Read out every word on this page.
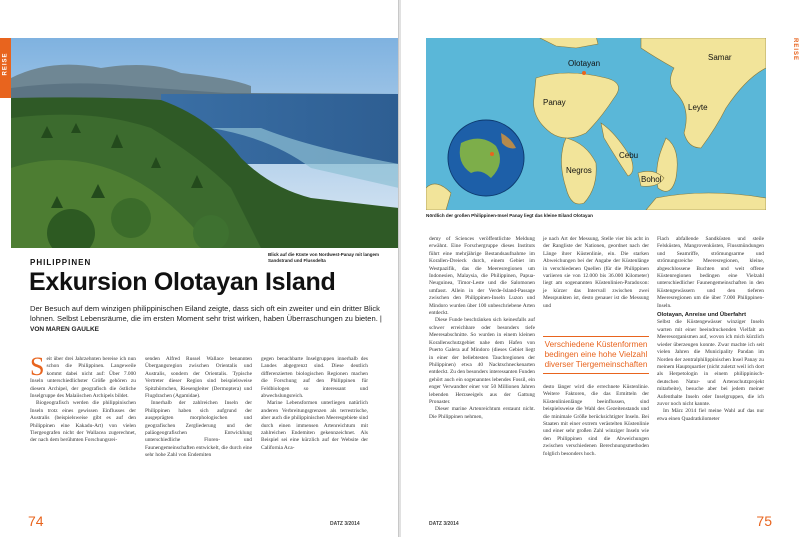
REISE
Blick auf die Küste von Nordwest-Panay mit langem Sandstrand und Flussdelta
PHILIPPINEN
Exkursion Olotayan Island
Der Besuch auf dem winzigen philippinischen Eiland zeigte, dass sich oft ein zweiter und ein dritter Blick lohnen. Selbst Lebensräume, die im ersten Moment sehr trist wirken, haben Überraschungen zu bieten. | VON MAREN GAULKE
S eit über drei Jahrzehnten bereise ich nun schon die Philippinen. Langeweile kommt dabei nicht auf: Über 7.000 Inseln unterschiedlichster Größe gehören zu diesem Archipel, der geografisch die östliche Inselgruppe des Malaiischen Archipels bildet.

Biogeografisch werden die philippinischen Inseln trotz eines gewissen Einflusses der Australis (beispielsweise gibt es auf den Philippinen eine Kakadu-Art) von vielen Tiergeografen nicht der Wallacea zugerechnet, der nach dem berühmten Forschungsrei-

senden Alfred Russel Wallace benannten Übergangsregion zwischen Orientalis und Australis, sondern der Orientalis. Typische Vertreter dieser Region sind beispielsweise Spitzhörnchen, Riesengleiter (Dermoptera) und Flugdrachen (Agamidae).

Innerhalb der zahlreichen Inseln der Philippinen haben sich aufgrund der ausgeprägten morphologischen und geografischen Zergliederung und der paläogeografischen Entwicklung unterschiedliche Floren- und Faunengemeinschaften entwickelt, die durch eine sehr hohe Zahl von Endemiten

gegen benachbarte Inselgruppen innerhalb des Landes abgegrenzt sind. Diese deutlich differenzierten biologischen Regionen machen die Forschung auf den Philippinen für Feldbiologen so interessant und abwechslungsreich.

Marine Lebensformen unterliegen natürlich anderen Verbreitungsgrenzen als terrestrische, aber auch die philippinischen Meeresgebiete sind durch einen immensen Artenreichtum mit zahlreichen Endemiten gekennzeichnet. Als Beispiel sei eine kürzlich auf der Website der California Aca-

74	DATZ 3/2014
REISE
Olotayan
Panay
Samar
Leyte
Cebu
Bohol
Negros
Nördlich der großen Philippinen-Insel Panay liegt das kleine Eiland Olotayan

demy of Sciences veröffentlichte Meldung erwähnt. Eine Forschergruppe dieses Instituts führt eine mehrjährige Bestandsaufnahme im Korallen-Dreieck durch, einem Gebiet im Westpazifik, das die Meeresregionen um Indonesien, Malaysia, die Philippinen, Papua-Neuguinea, Timor-Leste und die Salomonen umfasst. Allein in der Verde-Island-Passage zwischen den Philippinen-Inseln Luzon und Mindoro wurden über 100 unbeschriebene Arten entdeckt.

Diese Funde beschränken sich keinesfalls auf schwer erreichbare oder besonders tiefe Meeresabschnitte. So wurden in einem kleinen Korallenschutzgebiet nahe dem Hafen von Puerto Galera auf Mindoro (dieses Gebiet liegt in einer der beliebtesten Tauchregionen der Philippinen) etwa 40 Nacktschneckenarten entdeckt. Zu den besonders interessanten Funden gehört auch ein sogenanntes lebendes Fossil, ein enger Verwandter einer vor 50 Millionen Jahren lebenden Herzseeigels aus der Gattung Pronaster.

Dieser marine Artenreichtum erstaunt nicht. Die Philippinen nehmen,

je nach Art der Messung, Stelle vier bis acht in der Rangliste der Nationen, geordnet nach der Länge ihrer Küstenlinie, ein. Die starken Abweichungen bei der Angabe der Küstenlänge in verschiedenen Quellen (für die Philippinen variieren sie von 12.000 bis 36.000 Kilometer) liegt am sogenannten Küstenlinien-Paradoxon: je kürzer das Intervall zwischen zwei Messpunkten ist, desto genauer ist die Messung und

Verschiedene Küstenformen bedingen eine hohe Vielzahl diverser Tiergemeinschaften

desto länger wird die errechnete Küstenlinie. Weitere Faktoren, die das Ermitteln der Küstenlinienlänge beeinflussen, sind beispielsweise die Wahl des Gezeitenstands und die minimale Größe berücksichtigter Inseln. Bei Staaten mit einer extrem verästelten Küstenlinie und einer sehr großen Zahl winziger Inseln wie den Philippinen sind die Abweichungen zwischen verschiedenen Berechnungsmethoden folglich besonders hoch.

Flach abfallende Sandküsten und steile Felsküsten, Mangrovenküsten, Flussmündungen und Seamriffe, strömungsarme und strömungsreiche Meeresregionen, kleine, abgeschlossene Buchten und weit offene Küstenregionen bedingen eine Vielzahl unterschiedlicher Faunengemeinschaften in den Küstengewässern und den tieferen Meeresregionen um die über 7.000 Philippinen-Inseln.

Olotayan, Anreise und Überfahrt

Selbst die Küstengewässer winziger Inseln warten mit einer beeindruckenden Vielfalt an Meeresorganismen auf, wovon ich mich kürzlich wieder überzeugen konnte. Zwar machte ich seit vielen Jahren die Municipality Pandan im Norden der zentralphilippinischen Insel Panay zu meinem Hauptquartier (nicht zuletzt weil ich dort als Herpetologin in einem philippinisch-deutschen Natur- und Artenschutzprojekt mitarbeite), besuche aber bei jedem meiner Aufenthalte Inseln oder Inselgruppen, die ich zuvor noch nicht kannte.

Im März 2014 fiel meine Wahl auf das nur etwa einen Quadratkilometer

DATZ 3/2014	75
